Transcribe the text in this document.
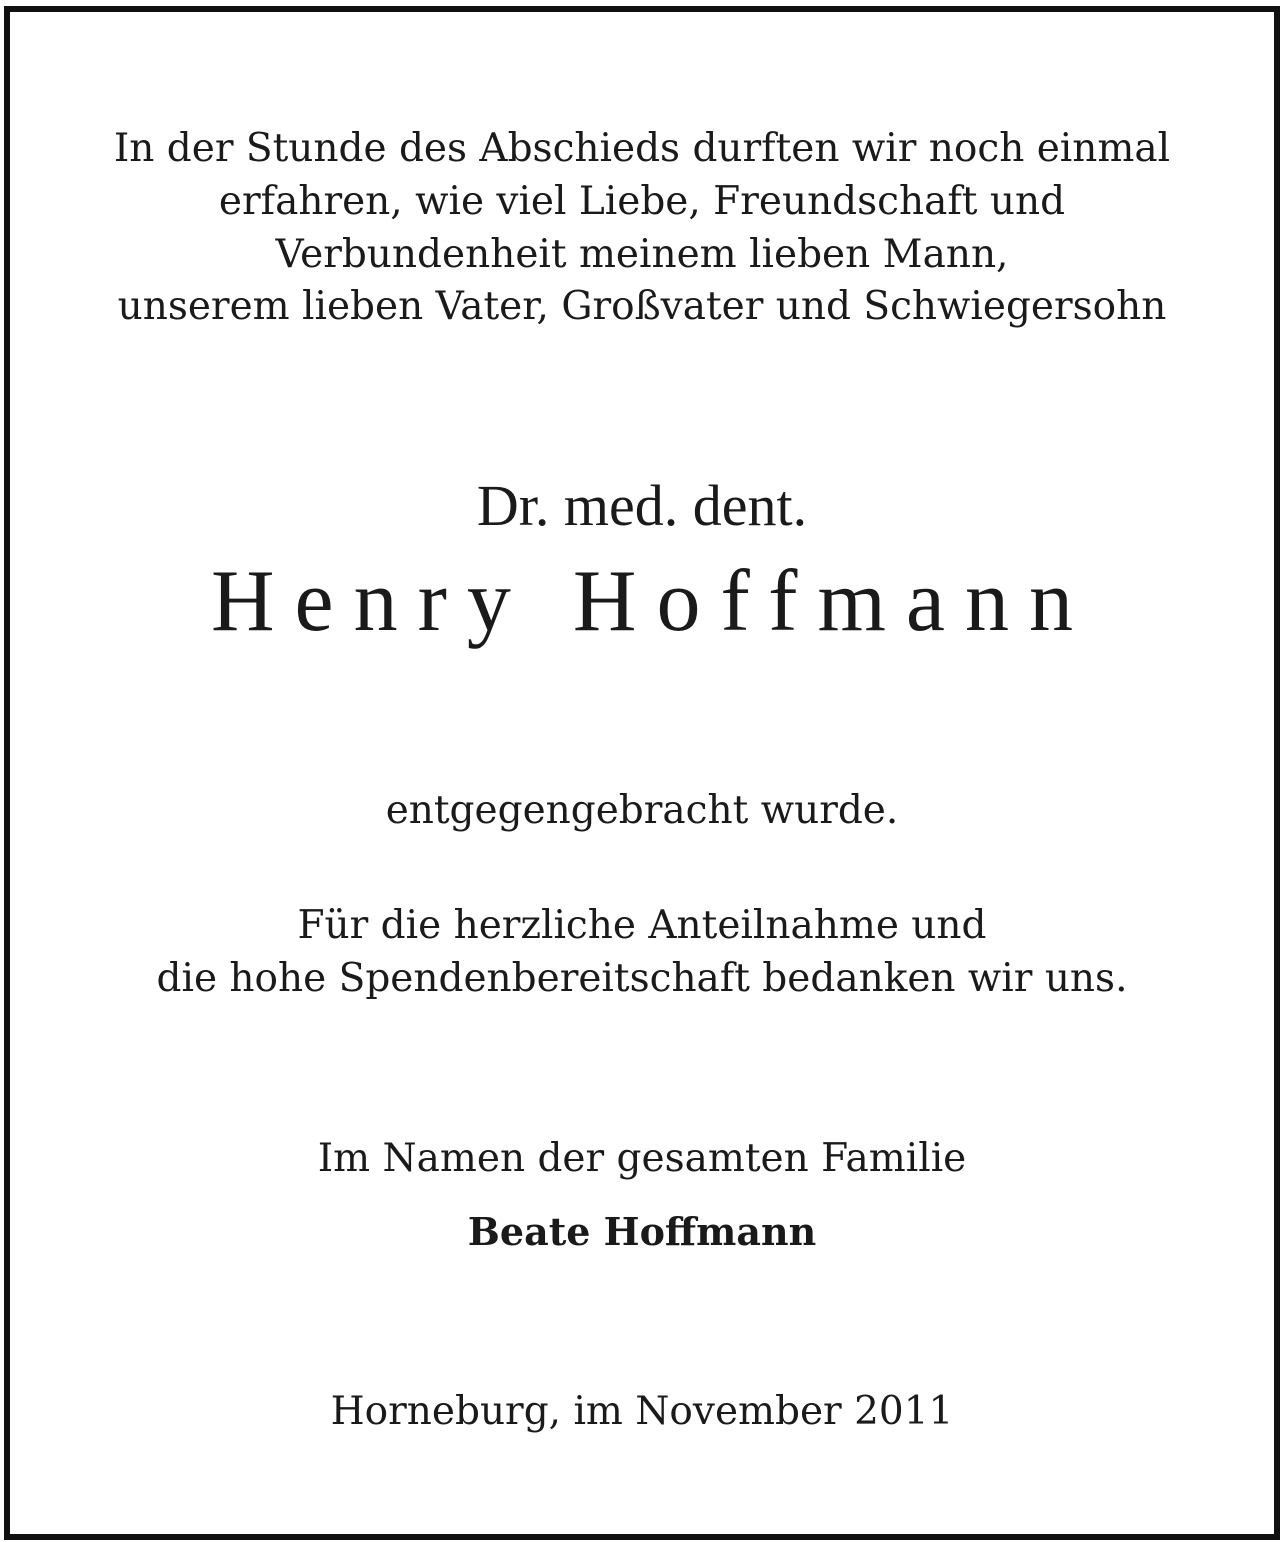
In der Stunde des Abschieds durften wir noch einmal
erfahren, wie viel Liebe, Freundschaft und
Verbundenheit meinem lieben Mann,
unserem lieben Vater, Großvater und Schwiegersohn
Dr. med. dent.
Henry Hoffmann
entgegengebracht wurde.
Für die herzliche Anteilnahme und
die hohe Spendenbereitschaft bedanken wir uns.
Im Namen der gesamten Familie
Beate Hoffmann
Horneburg, im November 2011
